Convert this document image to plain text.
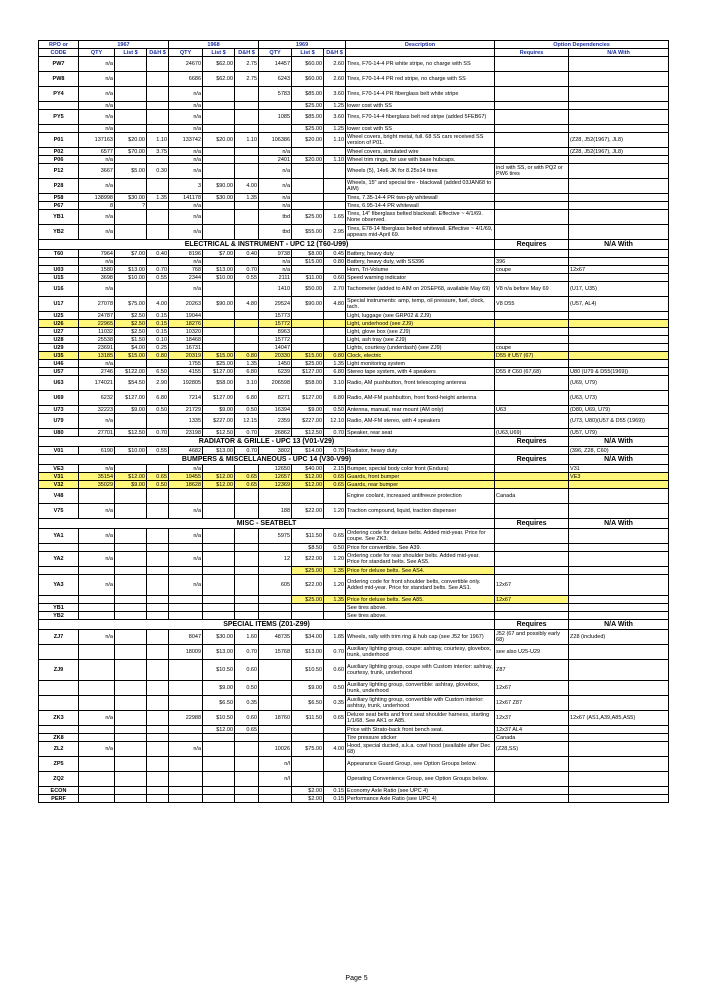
RPO or	1967			1968			1969			Description	Option Dependencies	
CODE	QTY	List $	D&H $	QTY	List $	D&H $	QTY	List $	D&H $		Requires	N/A With
PW7	n/a			24670	$62.00	2.75	14457	$60.00	2.60	Tires, F70-14-4 PR white stripe, no charge with SS		
PW8	n/a			6686	$62.00	2.75	6243	$60.00	2.60	Tires, F70-14-4 PR red stripe, no charge with SS		
PY4	n/a			n/a			5783	$85.00	3.60	Tires, F70-14-4 PR fiberglass belt white stripe		
	n/a			n/a				$25.00	1.25	lower cost with SS		
PY5	n/a			n/a			1085	$85.00	3.60	Tires, F70-14-4 fiberglass belt red stripe (added 5FEB67)		
	n/a			n/a				$25.00	1.25	lower cost with SS		
P01	137163	$20.00	1.10	133742	$20.00	1.10	106386	$20.00	1.10	Wheel covers, bright metal, full. 68 SS cars received SS version of P01.		(Z28, J52(1967), JL8)
P02	6577	$70.00	3.75	n/a			n/a			Wheel covers, simulated wire		(Z28, J52(1967), JL8)
P06	n/a			n/a			2401	$20.00	1.10	Wheel trim rings, for use with base hubcaps.		
P12	3667	$5.00	0.30	n/a			n/a			Wheels (5), 14x6 JK for 8.25x14 tires	incl with SS, or with PQ2 or PW6 tires	
P28	n/a			3	$90.00	4.00	n/a			Wheels, 15" and special tire - blackwall (added 03JAN68 to AIM)		
P58	138998	$30.00	1.35	141178	$30.00	1.35	n/a			Tires, 7.35-14-4 PR two-ply whitewall		
P67	8	?		n/a			n/a			Tires, 6.95-14-4 PR whitewall		
YB1	n/a			n/a			tbd	$25.00	1.65	Tires, 14" fiberglass belted blackwall. Effective ~ 4/1/69. None observed.		
YB2	n/a			n/a			tbd	$55.00	2.95	Tires, E78-14 fiberglass belted whitewall. Effective ~ 4/1/69, appears mid-April 69.		
ELECTRICAL & INSTRUMENT - UPC 12 (T60-U99)											Requires	N/A With
T60	7964	$7.00	0.40	8196	$7.00	0.40	9738	$8.00	0.45	Battery, heavy duty		
	n/a			n/a			n/a	$15.00	0.80	Battery, heavy duty, with SS396	396	
U03	1580	$13.00	0.70	768	$13.00	0.70	n/a			Horn, Tri-Volume	coupe	12x67
U15	3698	$10.00	0.55	2344	$10.00	0.55	2111	$11.00	0.60	Speed warning indicator		
U16	n/a			n/a			1410	$50.00	2.70	Tachometer (added to AIM on 20SEP68, available May 69)	V8 n/a before May 69	(U17, U35)
U17	27078	$75.00	4.00	20263	$90.00	4.80	29524	$90.00	4.80	Special instruments: amp, temp, oil pressure, fuel, clock, tach.	V8 D55	(U57, AL4)
U25	24787	$2.50	0.15	19044			15773			Light, luggage (see GRP02 & ZJ9)		
U26	22965	$2.50	0.15	18276			15772			Light, underhood (see ZJ9)		
U27	11032	$2.50	0.15	10320			8963			Light, glove box (see ZJ9)		
U28	25538	$1.50	0.10	18468			15772			Light, ash tray (see ZJ9)		
U29	23691	$4.00	0.25	16731			14047			Lights, courtesy (underdash) (see ZJ9)	coupe	
U35	13185	$15.00	0.80	20319	$15.00	0.80	20330	$15.00	0.80	Clock, electric	D55 if U57 (67)	
U46	n/a			1755	$25.00	1.35	1450	$25.00	1.35	Light monitoring system		
U57	2746	$122.00	6.50	4155	$127.00	6.80	6239	$127.00	6.80	Stereo tape system, with 4 speakers	D55 if C60 (67,68)	U80 (U79 & D55(1969))
U63	174021	$54.50	2.90	192805	$58.00	3.10	206598	$58.00	3.10	Radio, AM pushbutton, front telescoping antenna		(U69, U79)
U69	6232	$127.00	6.80	7214	$127.00	6.80	8271	$127.00	6.80	Radio, AM-FM pushbutton, front fixed-height antenna		(U63, U73)
U73	32223	$9.00	0.50	21729	$9.00	0.50	16394	$9.00	0.50	Antenna, manual, rear mount (AM only)	U63	(D80, U69, U79)
U79	n/a			1335	$227.00	12.15	2359	$227.00	12.10	Radio, AM-FM stereo, with 4 speakers		(U73, U80)(U57 & D55 (1969))
U80	27701	$12.50	0.70	23198	$12.50	0.70	26862	$12.50	0.70	Speaker, rear seat	(U63,U69)	(U57, U79)
RADIATOR & GRILLE - UPC 13 (V01-V29)											Requires	N/A With
V01	6190	$10.00	0.55	4682	$13.00	0.70	3802	$14.00	0.75	Radiator, heavy duty		(396, Z28, C60)
BUMPERS & MISCELLANEOUS - UPC 14 (V30-V99)											Requires	N/A With
VE3	n/a			n/a			12650	$40.00	2.15	Bumper, special body color front (Endura)		V31
V31	35154	$12.00	0.65	19455	$12.00	0.65	12657	$12.00	0.65	Guards, front bumper		VE3
V32	35029	$9.00	0.50	18628	$12.00	0.65	12369	$12.00	0.65	Guards, rear bumper		
V48										Engine coolant, increased antifreeze protection	Canada	
V75	n/a			n/a			188	$22.00	1.20	Traction compound, liquid, traction dispenser		
MISC - SEATBELT											Requires	N/A With
YA1	n/a			n/a			5975	$11.50	0.65	Ordering code for deluxe belts. Added mid-year. Price for coupe. See ZK3.		
								$8.50	0.50	Price for convertible. See A39.		
YA2	n/a			n/a			12	$22.00	1.20	Ordering code for rear shoulder belts. Added mid-year. Price for standard belts. See AS5.		
								$25.00	1.35	Price for deluxe belts. See AS4.		
YA3	n/a			n/a			605	$22.00	1.20	Ordering code for front shoulder belts, convertible only. Added mid-year. Price for standard belts. See AS1.	12x67	
								$25.00	1.35	Price for deluxe belts. See A85.	12x67	
YB1										See tires above.		
YB2										See tires above.		
SPECIAL ITEMS (Z01-Z99)											Requires	N/A With
ZJ7	n/a			8047	$30.00	1.60	48735	$34.00	1.85	Wheels, rally with trim ring & hub cap (see J52 for 1967)	J52 (67 and possibly early 68)	Z28 (included)
				18009	$13.00	0.70	15768	$13.00	0.70	Auxiliary lighting group, coupe: ashtray, courtesy, glovebox, trunk, underhood	see also U25-U29	
ZJ9					$10.50	0.60		$10.50	0.60	Auxiliary lighting group, coupe with Custom interior: ashtray, courtesy, trunk, underhood	Z87	
					$9.00	0.50		$9.00	0.50	Auxiliary lighting group, convertible: ashtray, glovebox, trunk, underhood	12x67	
					$6.50	0.35		$6.50	0.35	Auxiliary lighting group, convertible with Custom interior: ashtray, trunk, underhood	12x67 Z87	
ZK3	n/a			22988	$10.50	0.60	18760	$11.50	0.65	Deluxe seat belts and front seat shoulder harness, starting 1/1/68. See AK1 or A85.	12x37	12x67 (AS1,A39,A85,AS5)
					$12.00	0.65				Price with Strato-back front bench seat.	12x37 AL4	
ZK8										Tire pressure sticker	Canada	
ZL2	n/a			n/a			10026	$75.00	4.00	Hood, special ducted, a.k.a. cowl hood (available after Dec 68)	(Z28,SS)	
ZP5							n/l			Appearance Guard Group, see Option Groups below.		
ZQ2							n/l			Operating Convenience Group, see Option Groups below.		
ECON								$2.00	0.15	Economy Axle Ratio (see UPC 4)		
PERF								$2.00	0.15	Performance Axle Ratio (see UPC 4)		
Page 5
